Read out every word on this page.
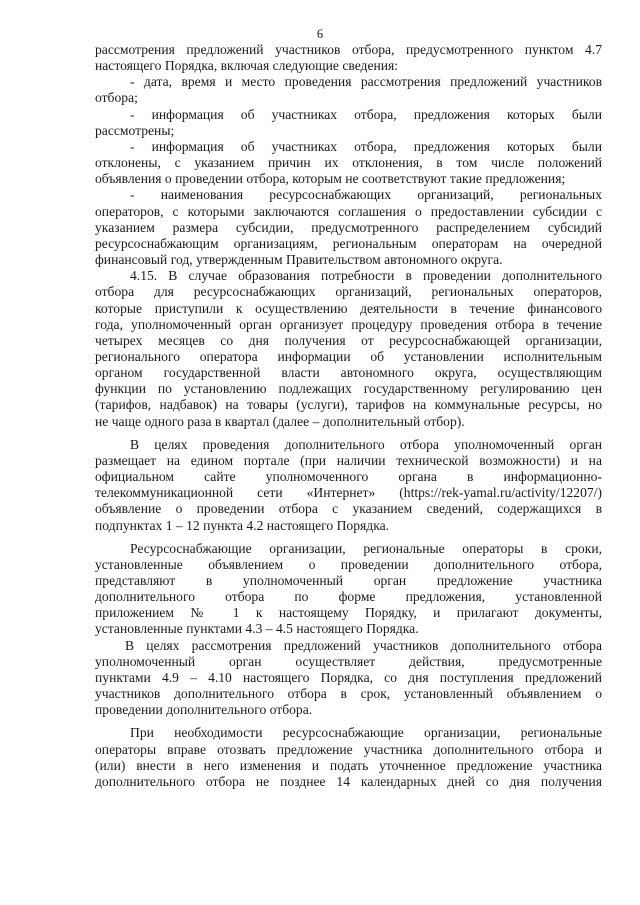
6

рассмотрения предложений участников отбора, предусмотренного пунктом 4.7

настоящего Порядка, включая следующие сведения:

- дата, время и место проведения рассмотрения предложений участников

отбора;

- информация об участниках отбора, предложения которых были

рассмотрены;

- информация об участниках отбора, предложения которых были

отклонены, с указанием причин их отклонения, в том числе положений

объявления о проведении отбора, которым не соответствуют такие предложения;

- наименования ресурсоснабжающих организаций, региональных

операторов, с которыми заключаются соглашения о предоставлении субсидии с

указанием размера субсидии, предусмотренного распределением субсидий

ресурсоснабжающим организациям, региональным операторам на очередной

финансовый год, утвержденным Правительством автономного округа.

4.15. В случае образования потребности в проведении дополнительного

отбора для ресурсоснабжающих организаций, региональных операторов,

которые приступили к осуществлению деятельности в течение финансового

года, уполномоченный орган организует процедуру проведения отбора в течение

четырех месяцев со дня получения от ресурсоснабжающей организации,

регионального оператора информации об установлении исполнительным

органом государственной власти автономного округа, осуществляющим

функции по установлению подлежащих государственному регулированию цен

(тарифов, надбавок) на товары (услуги), тарифов на коммунальные ресурсы, но

не чаще одного раза в квартал (далее – дополнительный отбор).

В целях проведения дополнительного отбора уполномоченный орган

размещает на едином портале (при наличии технической возможности) и на

официальном сайте уполномоченного органа в информационно-

телекоммуникационной сети «Интернет» (https://rek-yamal.ru/activity/12207/)

объявление о проведении отбора с указанием сведений, содержащихся в

подпунктах 1 – 12 пункта 4.2 настоящего Порядка.

Ресурсоснабжающие организации, региональные операторы в сроки,

установленные объявлением о проведении дополнительного отбора,

представляют в уполномоченный орган предложение участника

дополнительного отбора по форме предложения, установленной

приложением № 1 к настоящему Порядку, и прилагают документы,

установленные пунктами 4.3 – 4.5 настоящего Порядка.

В целях рассмотрения предложений участников дополнительного отбора

уполномоченный орган осуществляет действия, предусмотренные

пунктами 4.9 – 4.10 настоящего Порядка, со дня поступления предложений

участников дополнительного отбора в срок, установленный объявлением о

проведении дополнительного отбора.

При необходимости ресурсоснабжающие организации, региональные

операторы вправе отозвать предложение участника дополнительного отбора и

(или) внести в него изменения и подать уточненное предложение участника

дополнительного отбора не позднее 14 календарных дней со дня получения
